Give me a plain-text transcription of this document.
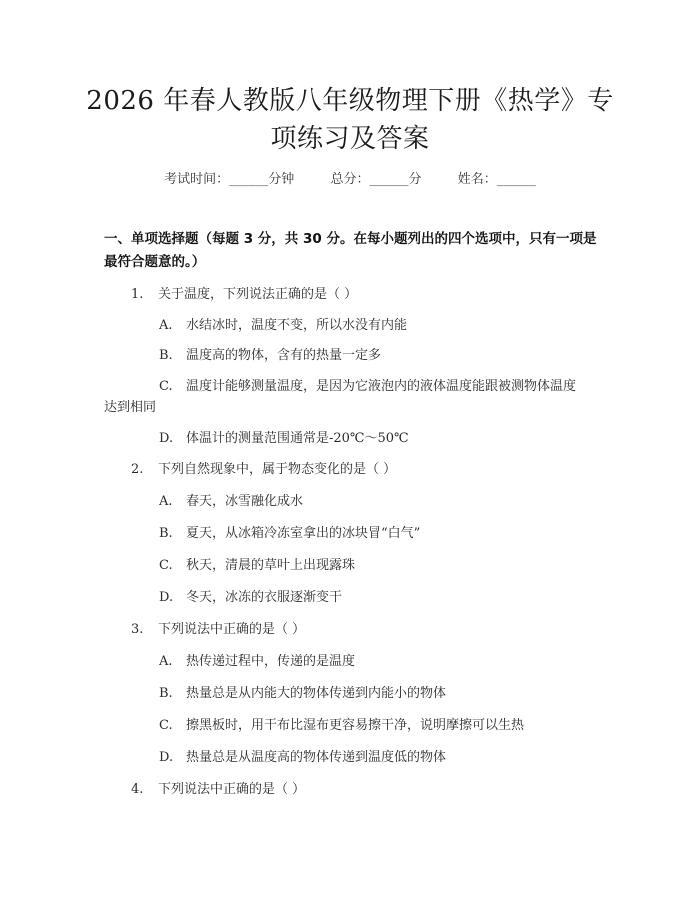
2026 年春人教版八年级物理下册《热学》专
项练习及答案
考试时间：______分钟	总分：______分	姓名：______
一、单项选择题（每题 3 分，共 30 分。在每小题列出的四个选项中，只有一项是
最符合题意的。）
1. 关于温度，下列说法正确的是（ ）
A. 水结冰时，温度不变，所以水没有内能
B. 温度高的物体，含有的热量一定多
C. 温度计能够测量温度，是因为它液泡内的液体温度能跟被测物体温度
达到相同
D. 体温计的测量范围通常是-20℃～50℃
2. 下列自然现象中，属于物态变化的是（ ）
A. 春天，冰雪融化成水
B. 夏天，从冰箱冷冻室拿出的冰块冒“白气”
C. 秋天，清晨的草叶上出现露珠
D. 冬天，冰冻的衣服逐渐变干
3. 下列说法中正确的是（ ）
A. 热传递过程中，传递的是温度
B. 热量总是从内能大的物体传递到内能小的物体
C. 擦黑板时，用干布比湿布更容易擦干净，说明摩擦可以生热
D. 热量总是从温度高的物体传递到温度低的物体
4. 下列说法中正确的是（ ）
